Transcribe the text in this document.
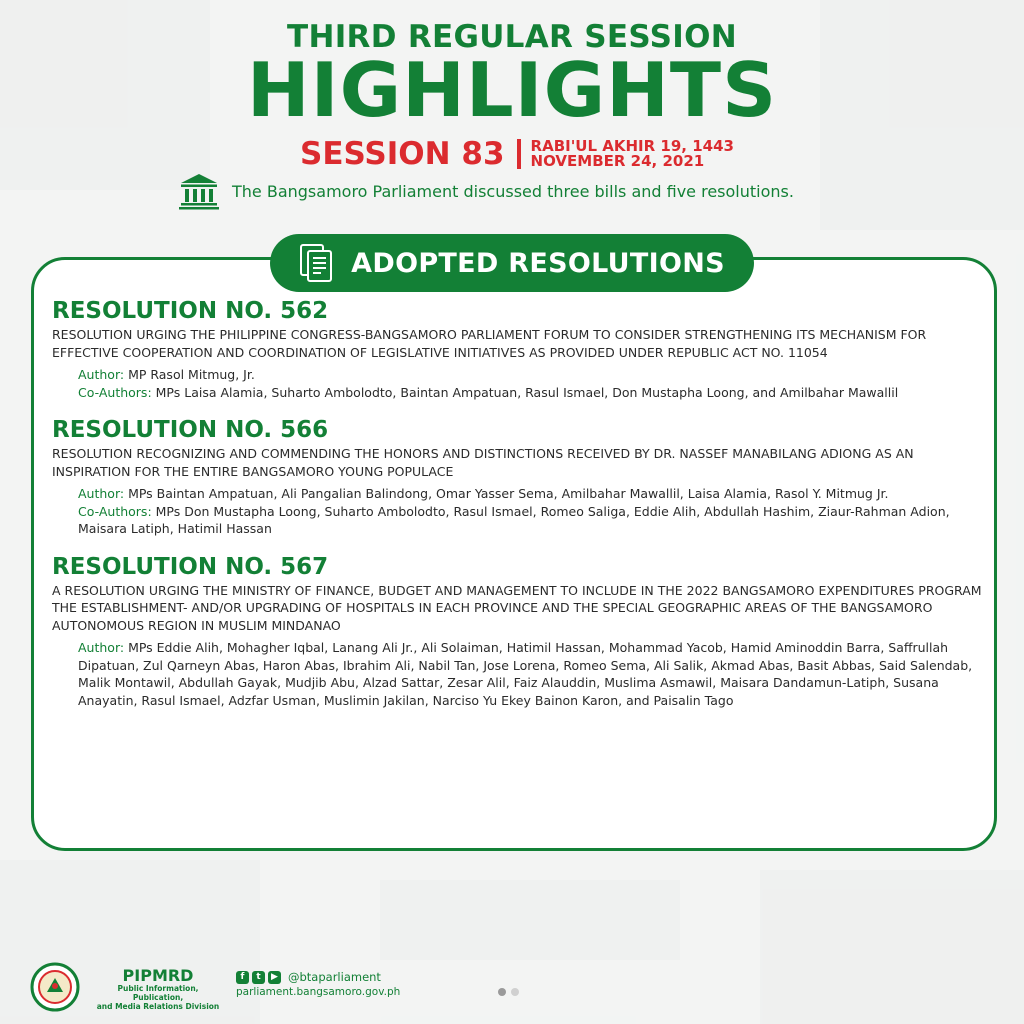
THIRD REGULAR SESSION
HIGHLIGHTS
SESSION 83 RABI'UL AKHIR 19, 1443
NOVEMBER 24, 2021
The Bangsamoro Parliament discussed three bills and five resolutions.
ADOPTED RESOLUTIONS
RESOLUTION NO. 562
RESOLUTION URGING THE PHILIPPINE CONGRESS-BANGSAMORO PARLIAMENT FORUM TO CONSIDER STRENGTHENING ITS MECHANISM FOR EFFECTIVE COOPERATION AND COORDINATION OF LEGISLATIVE INITIATIVES AS PROVIDED UNDER REPUBLIC ACT NO. 11054
Author: MP Rasol Mitmug, Jr.
Co-Authors: MPs Laisa Alamia, Suharto Ambolodto, Baintan Ampatuan, Rasul Ismael, Don Mustapha Loong, and Amilbahar Mawallil
RESOLUTION NO. 566
RESOLUTION RECOGNIZING AND COMMENDING THE HONORS AND DISTINCTIONS RECEIVED BY DR. NASSEF MANABILANG ADIONG AS AN INSPIRATION FOR THE ENTIRE BANGSAMORO YOUNG POPULACE
Author: MPs Baintan Ampatuan, Ali Pangalian Balindong, Omar Yasser Sema, Amilbahar Mawallil, Laisa Alamia, Rasol Y. Mitmug Jr.
Co-Authors: MPs Don Mustapha Loong, Suharto Ambolodto, Rasul Ismael, Romeo Saliga, Eddie Alih, Abdullah Hashim, Ziaur-Rahman Adion, Maisara Latiph, Hatimil Hassan
RESOLUTION NO. 567
A RESOLUTION URGING THE MINISTRY OF FINANCE, BUDGET AND MANAGEMENT TO INCLUDE IN THE 2022 BANGSAMORO EXPENDITURES PROGRAM THE ESTABLISHMENT- AND/OR UPGRADING OF HOSPITALS IN EACH PROVINCE AND THE SPECIAL GEOGRAPHIC AREAS OF THE BANGSAMORO AUTONOMOUS REGION IN MUSLIM MINDANAO
Author: MPs Eddie Alih, Mohagher Iqbal, Lanang Ali Jr., Ali Solaiman, Hatimil Hassan, Mohammad Yacob, Hamid Aminoddin Barra, Saffrullah Dipatuan, Zul Qarneyn Abas, Haron Abas, Ibrahim Ali, Nabil Tan, Jose Lorena, Romeo Sema, Ali Salik, Akmad Abas, Basit Abbas, Said Salendab, Malik Montawil, Abdullah Gayak, Mudjib Abu, Alzad Sattar, Zesar Alil, Faiz Alauddin, Muslima Asmawil, Maisara Dandamun-Latiph, Susana Anayatin, Rasul Ismael, Adzfar Usman, Muslimin Jakilan, Narciso Yu Ekey Bainon Karon, and Paisalin Tago
PIPMRD
Public Information, Publication,
and Media Relations Division
f	t	▶ @btaparliament
parliament.bangsamoro.gov.ph
